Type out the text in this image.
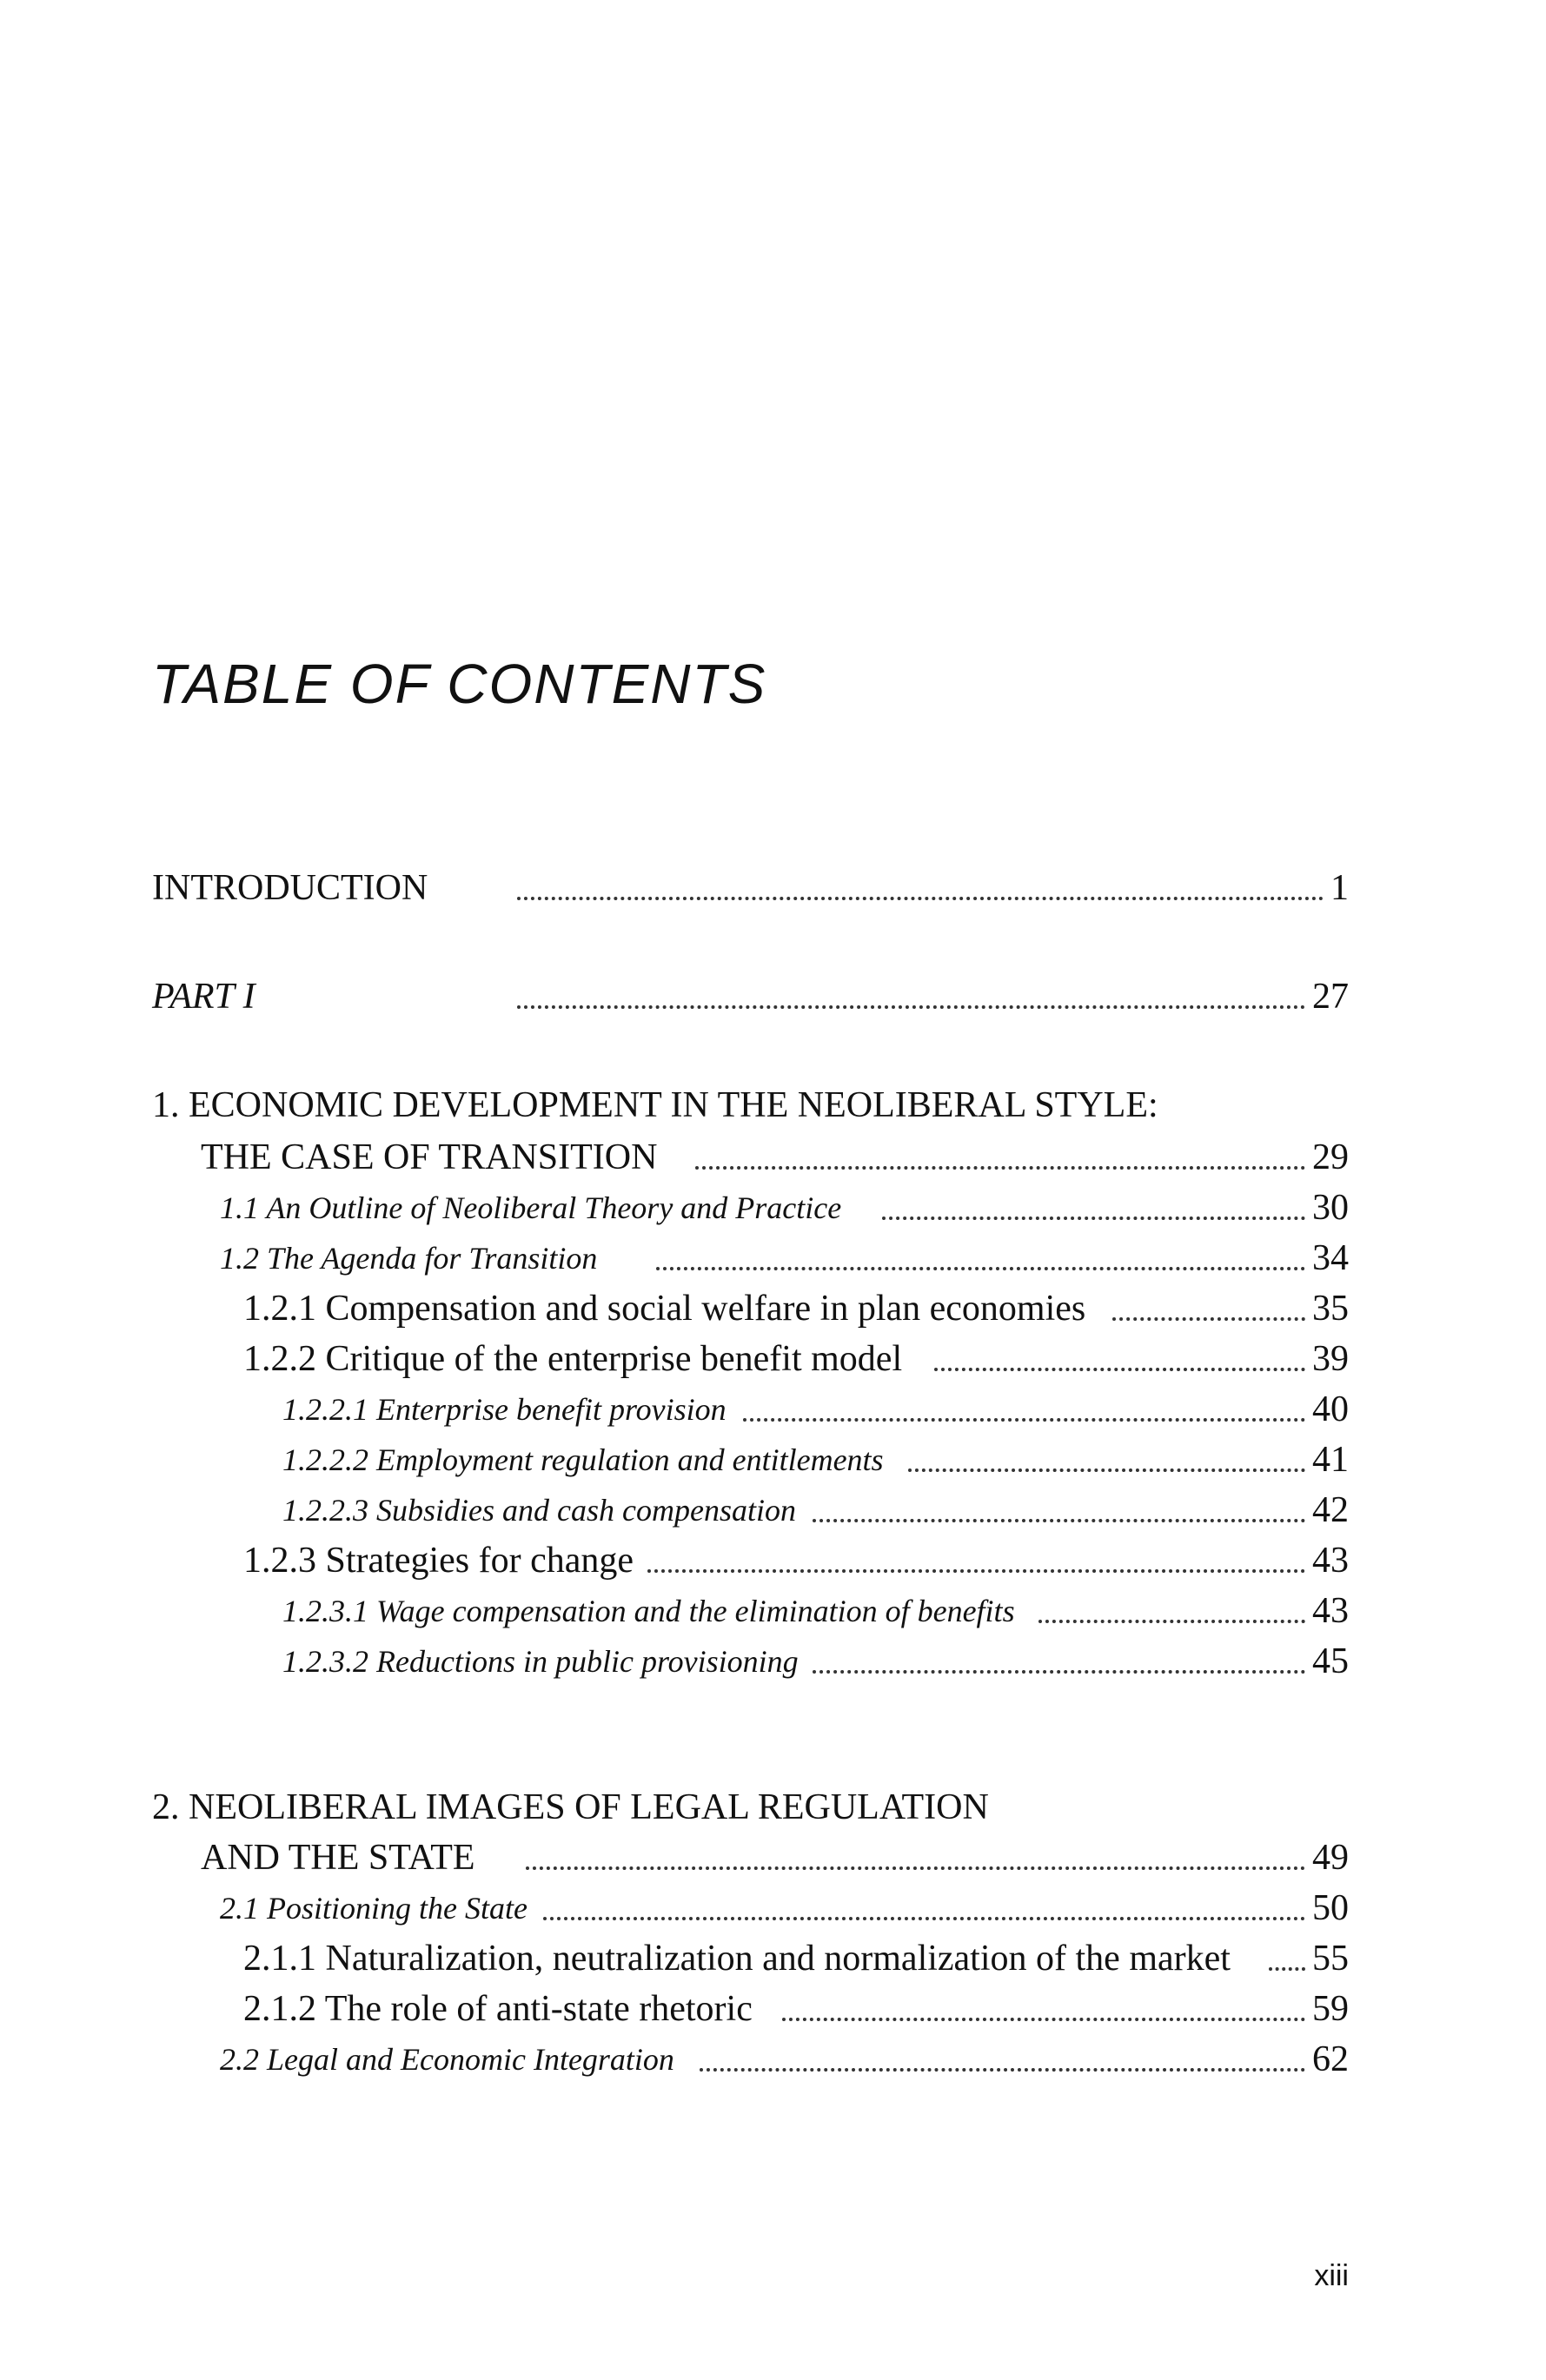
TABLE OF CONTENTS
INTRODUCTION	1
PART I	27
1. ECONOMIC DEVELOPMENT IN THE NEOLIBERAL STYLE:
THE CASE OF TRANSITION	29
1.1 An Outline of Neoliberal Theory and Practice	30
1.2 The Agenda for Transition	34
1.2.1 Compensation and social welfare in plan economies	35
1.2.2 Critique of the enterprise benefit model	39
1.2.2.1 Enterprise benefit provision	40
1.2.2.2 Employment regulation and entitlements	41
1.2.2.3 Subsidies and cash compensation	42
1.2.3 Strategies for change	43
1.2.3.1 Wage compensation and the elimination of benefits	43
1.2.3.2 Reductions in public provisioning	45
2. NEOLIBERAL IMAGES OF LEGAL REGULATION
AND THE STATE	49
2.1 Positioning the State	50
2.1.1 Naturalization, neutralization and normalization of the market 55
2.1.2 The role of anti-state rhetoric	59
2.2 Legal and Economic Integration	62
xiii
